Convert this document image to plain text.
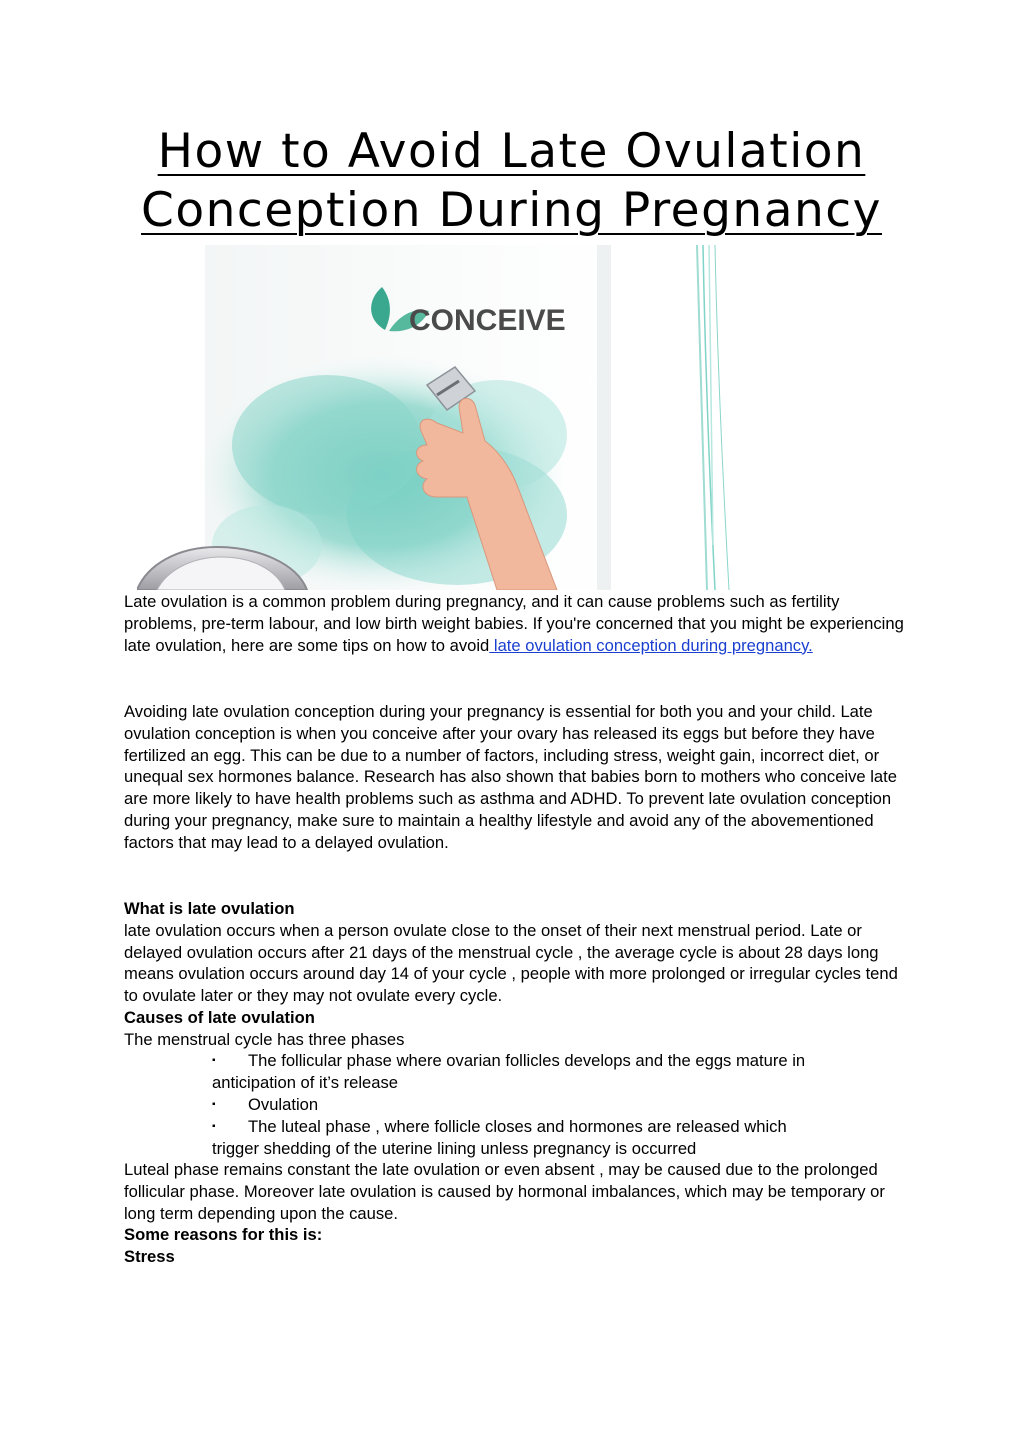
How to Avoid Late Ovulation
Conception During Pregnancy
CONCEIVE

Late ovulation is a common problem during pregnancy, and it can cause problems such as fertility problems, pre-term labour, and low birth weight babies. If you're concerned that you might be experiencing late ovulation, here are some tips on how to avoid late ovulation conception during pregnancy.

Avoiding late ovulation conception during your pregnancy is essential for both you and your child. Late ovulation conception is when you conceive after your ovary has released its eggs but before they have fertilized an egg. This can be due to a number of factors, including stress, weight gain, incorrect diet, or unequal sex hormones balance. Research has also shown that babies born to mothers who conceive late are more likely to have health problems such as asthma and ADHD. To prevent late ovulation conception during your pregnancy, make sure to maintain a healthy lifestyle and avoid any of the abovementioned factors that may lead to a delayed ovulation.

What is late ovulation
late ovulation occurs when a person ovulate close to the onset of their next menstrual period. Late or delayed ovulation occurs after 21 days of the menstrual cycle , the average cycle is about 28 days long means ovulation occurs around day 14 of your cycle , people with more prolonged or irregular cycles tend to ovulate later or they may not ovulate every cycle.
Causes of late ovulation
The menstrual cycle has three phases
▪ The follicular phase where ovarian follicles develops and the eggs mature in
anticipation of it’s release
▪ Ovulation
▪ The luteal phase , where follicle closes and hormones are released which
trigger shedding of the uterine lining unless pregnancy is occurred
Luteal phase remains constant the late ovulation or even absent , may be caused due to the prolonged follicular phase. Moreover late ovulation is caused by hormonal imbalances, which may be temporary or long term depending upon the cause.
Some reasons for this is:
Stress
